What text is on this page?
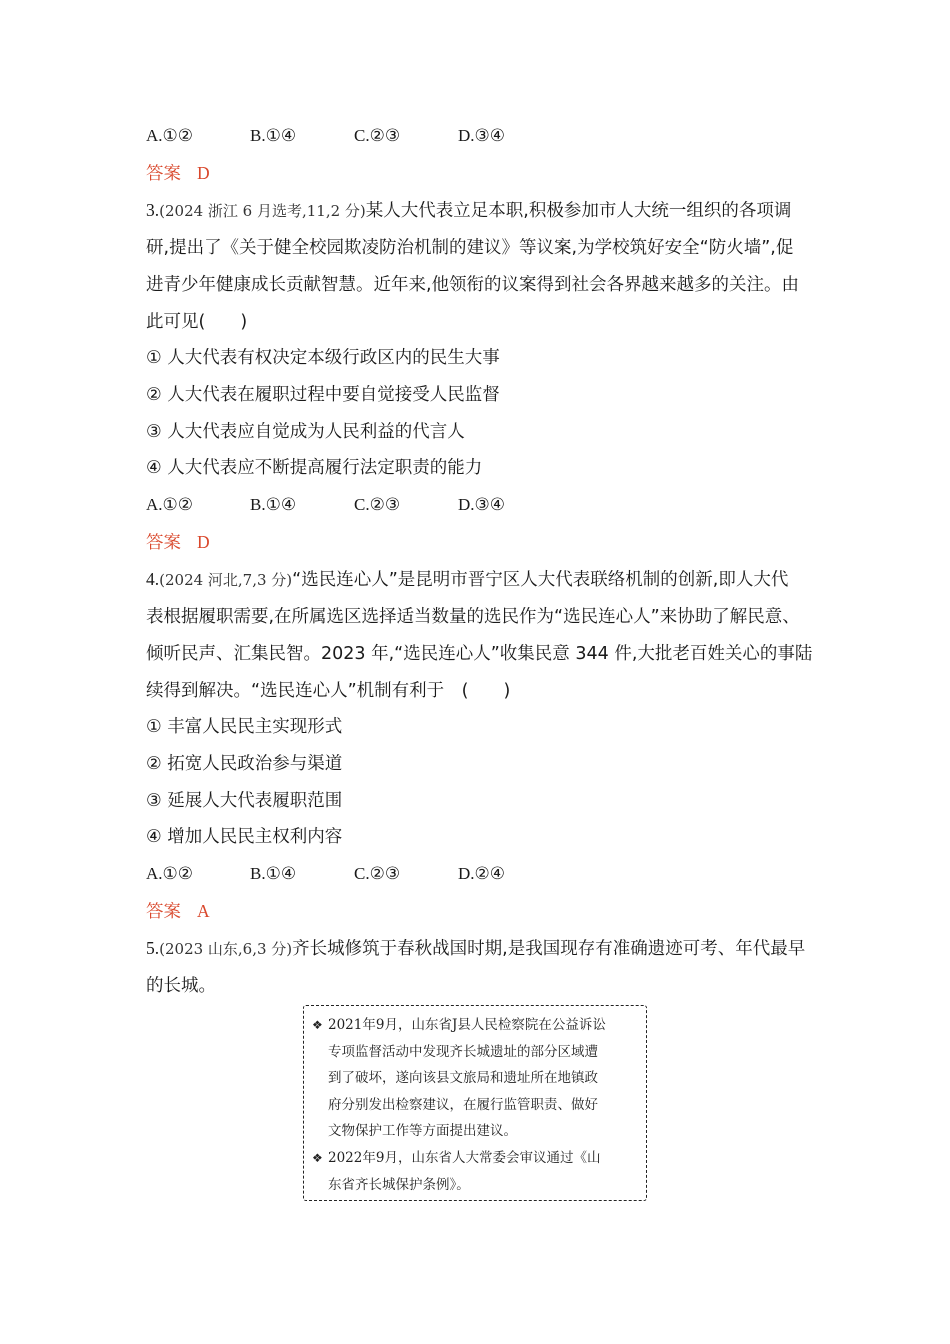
A.①②	B.①④	C.②③	D.③④
答案 D
3.(2024 浙江 6 月选考,11,2 分)某人大代表立足本职,积极参加市人大统一组织的各项调
研,提出了《关于健全校园欺凌防治机制的建议》等议案,为学校筑好安全“防火墙”,促
进青少年健康成长贡献智慧。近年来,他领衔的议案得到社会各界越来越多的关注。由
此可见(　　)
① 人大代表有权决定本级行政区内的民生大事
② 人大代表在履职过程中要自觉接受人民监督
③ 人大代表应自觉成为人民利益的代言人
④ 人大代表应不断提高履行法定职责的能力
A.①②	B.①④	C.②③	D.③④
答案 D
4.(2024 河北,7,3 分)“选民连心人”是昆明市晋宁区人大代表联络机制的创新,即人大代
表根据履职需要,在所属选区选择适当数量的选民作为“选民连心人”来协助了解民意、
倾听民声、汇集民智。2023 年,“选民连心人”收集民意 344 件,大批老百姓关心的事陆
续得到解决。“选民连心人”机制有利于　(　　)
① 丰富人民民主实现形式
② 拓宽人民政治参与渠道
③ 延展人大代表履职范围
④ 增加人民民主权利内容
A.①②	B.①④	C.②③	D.②④
答案 A
5.(2023 山东,6,3 分)齐长城修筑于春秋战国时期,是我国现存有准确遗迹可考、年代最早
的长城。
❖ 2021年9月，山东省J县人民检察院在公益诉讼
专项监督活动中发现齐长城遗址的部分区域遭
到了破坏，遂向该县文旅局和遗址所在地镇政
府分别发出检察建议，在履行监管职责、做好
文物保护工作等方面提出建议。
❖ 2022年9月，山东省人大常委会审议通过《山
东省齐长城保护条例》。
